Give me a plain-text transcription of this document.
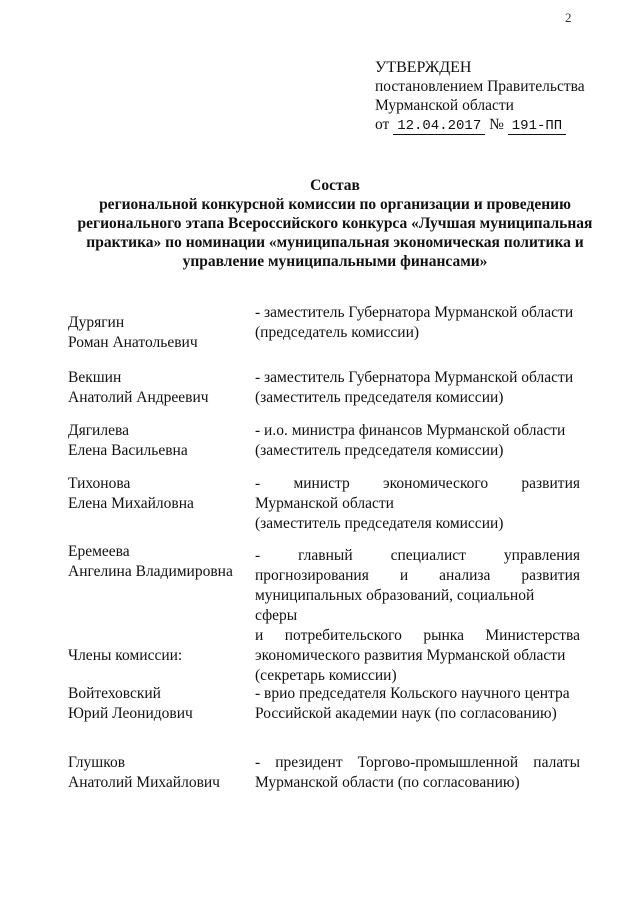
2
УТВЕРЖДЕН
постановлением Правительства
Мурманской области
от 12.04.2017 № 191-ПП
Состав
региональной конкурсной комиссии по организации и проведению
регионального этапа Всероссийского конкурса «Лучшая муниципальная
практика» по номинации «муниципальная экономическая политика и
управление муниципальными финансами»
Дурягин
Роман Анатольевич
- заместитель Губернатора Мурманской области
(председатель комиссии)
Векшин
Анатолий Андреевич
- заместитель Губернатора Мурманской области
(заместитель председателя комиссии)
Дягилева
Елена Васильевна
- и.о. министра финансов Мурманской области
(заместитель председателя комиссии)
Тихонова
Елена Михайловна
- министр экономического развития
Мурманской области
(заместитель председателя комиссии)
Еремеева
Ангелина Владимировна
- главный специалист управления
прогнозирования и анализа развития
муниципальных образований, социальной сферы
и потребительского рынка Министерства
экономического развития Мурманской области
(секретарь комиссии)
Члены комиссии:
Войтеховский
Юрий Леонидович
- врио председателя Кольского научного центра
Российской академии наук (по согласованию)
Глушков
Анатолий Михайлович
- президент Торгово-промышленной палаты
Мурманской области (по согласованию)
